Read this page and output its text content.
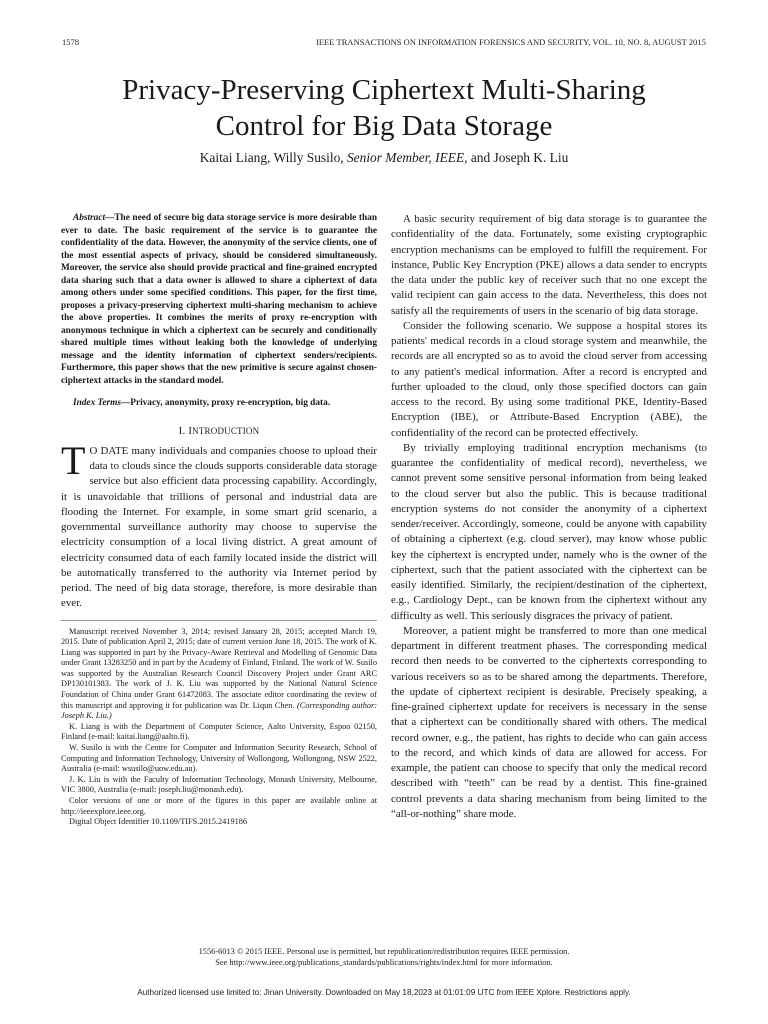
1578	IEEE TRANSACTIONS ON INFORMATION FORENSICS AND SECURITY, VOL. 10, NO. 8, AUGUST 2015
Privacy-Preserving Ciphertext Multi-Sharing
Control for Big Data Storage
Kaitai Liang, Willy Susilo, Senior Member, IEEE, and Joseph K. Liu

Abstract—The need of secure big data storage service is more desirable than ever to date. The basic requirement of the service is to guarantee the confidentiality of the data. However, the anonymity of the service clients, one of the most essential aspects of privacy, should be considered simultaneously. Moreover, the service also should provide practical and fine-grained encrypted data sharing such that a data owner is allowed to share a ciphertext of data among others under some specified conditions. This paper, for the first time, proposes a privacy-preserving ciphertext multi-sharing mechanism to achieve the above properties. It combines the merits of proxy re-encryption with anonymous technique in which a ciphertext can be securely and conditionally shared multiple times without leaking both the knowledge of underlying message and the identity information of ciphertext senders/recipients. Furthermore, this paper shows that the new primitive is secure against chosen-ciphertext attacks in the standard model.

Index Terms—Privacy, anonymity, proxy re-encryption, big data.

I. INTRODUCTION

T O DATE many individuals and companies choose to upload their data to clouds since the clouds supports considerable data storage service but also efficient data processing capability. Accordingly, it is unavoidable that trillions of personal and industrial data are flooding the Internet. For example, in some smart grid scenario, a governmental surveillance authority may choose to supervise the electricity consumption of a local living district. A great amount of electricity consumed data of each family located inside the district will be automatically transferred to the authority via Internet period by period. The need of big data storage, therefore, is more desirable than ever.

Manuscript received November 3, 2014; revised January 28, 2015; accepted March 19, 2015. Date of publication April 2, 2015; date of current version June 18, 2015. The work of K. Liang was supported in part by the Privacy-Aware Retrieval and Modelling of Genomic Data under Grant 13283250 and in part by the Academy of Finland, Finland. The work of W. Susilo was supported by the Australian Research Council Discovery Project under Grant ARC DP130101383. The work of J. K. Liu was supported by the National Natural Science Foundation of China under Grant 61472083. The associate editor coordinating the review of this manuscript and approving it for publication was Dr. Liqun Chen. (Corresponding author: Joseph K. Liu.)

K. Liang is with the Department of Computer Science, Aalto University, Espoo 02150, Finland (e-mail: kaitai.liang@aalto.fi).

W. Susilo is with the Centre for Computer and Information Security Research, School of Computing and Information Technology, University of Wollongong, Wollongong, NSW 2522, Australia (e-mail: wsusilo@uow.edu.au).

J. K. Liu is with the Faculty of Information Technology, Monash University, Melbourne, VIC 3800, Australia (e-mail: joseph.liu@monash.edu).

Color versions of one or more of the figures in this paper are available online at http://ieeexplore.ieee.org.

Digital Object Identifier 10.1109/TIFS.2015.2419186

A basic security requirement of big data storage is to guarantee the confidentiality of the data. Fortunately, some existing cryptographic encryption mechanisms can be employed to fulfill the requirement. For instance, Public Key Encryption (PKE) allows a data sender to encrypts the data under the public key of receiver such that no one except the valid recipient can gain access to the data. Nevertheless, this does not satisfy all the requirements of users in the scenario of big data storage.

Consider the following scenario. We suppose a hospital stores its patients' medical records in a cloud storage system and meanwhile, the records are all encrypted so as to avoid the cloud server from accessing to any patient's medical information. After a record is encrypted and further uploaded to the cloud, only those specified doctors can gain access to the record. By using some traditional PKE, Identity-Based Encryption (IBE), or Attribute-Based Encryption (ABE), the confidentiality of the record can be protected effectively.

By trivially employing traditional encryption mechanisms (to guarantee the confidentiality of medical record), nevertheless, we cannot prevent some sensitive personal information from being leaked to the cloud server but also the public. This is because traditional encryption systems do not consider the anonymity of a ciphertext sender/receiver. Accordingly, someone, could be anyone with capability of obtaining a ciphertext (e.g. cloud server), may know whose public key the ciphertext is encrypted under, namely who is the owner of the ciphertext, such that the patient associated with the ciphertext can be easily identified. Similarly, the recipient/destination of the ciphertext, e.g., Cardiology Dept., can be known from the ciphertext without any difficulty as well. This seriously disgraces the privacy of patient.

Moreover, a patient might be transferred to more than one medical department in different treatment phases. The corresponding medical record then needs to be converted to the ciphertexts corresponding to various receivers so as to be shared among the departments. Therefore, the update of ciphertext recipient is desirable. Precisely speaking, a fine-grained ciphertext update for receivers is necessary in the sense that a ciphertext can be conditionally shared with others. The medical record owner, e.g., the patient, has rights to decide who can gain access to the record, and which kinds of data are allowed for access. For example, the patient can choose to specify that only the medical record described with “teeth” can be read by a dentist. This fine-grained control prevents a data sharing mechanism from being limited to the “all-or-nothing” share mode.

1556-6013 © 2015 IEEE. Personal use is permitted, but republication/redistribution requires IEEE permission.
See http://www.ieee.org/publications_standards/publications/rights/index.html for more information.
Authorized licensed use limited to: Jinan University. Downloaded on May 18,2023 at 01:01:09 UTC from IEEE Xplore. Restrictions apply.
